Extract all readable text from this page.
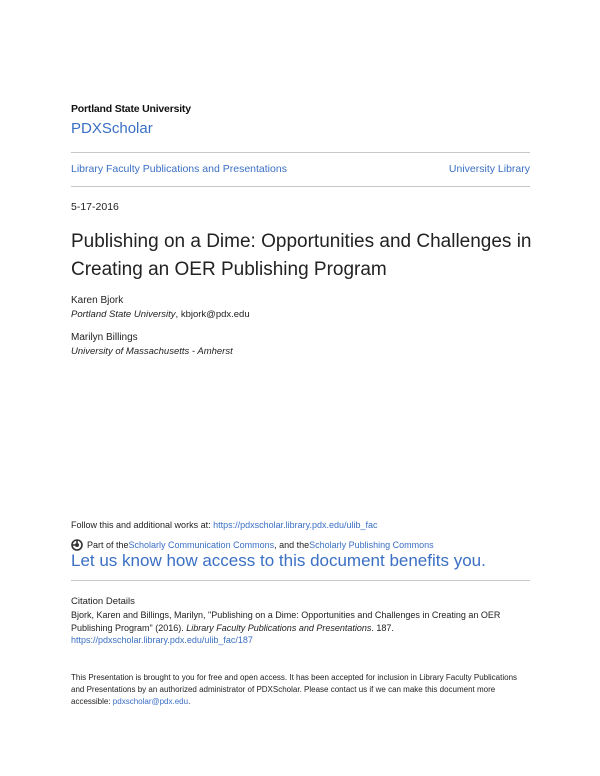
Portland State University
PDXScholar
Library Faculty Publications and Presentations	University Library
5-17-2016
Publishing on a Dime: Opportunities and Challenges in Creating an OER Publishing Program
Karen Bjork
Portland State University, kbjork@pdx.edu
Marilyn Billings
University of Massachusetts - Amherst
Follow this and additional works at: https://pdxscholar.library.pdx.edu/ulib_fac
Part of the Scholarly Communication Commons , and the Scholarly Publishing Commons
Let us know how access to this document benefits you.
Citation Details
Bjork, Karen and Billings, Marilyn, "Publishing on a Dime: Opportunities and Challenges in Creating an OER Publishing Program" (2016). Library Faculty Publications and Presentations. 187.
https://pdxscholar.library.pdx.edu/ulib_fac/187
This Presentation is brought to you for free and open access. It has been accepted for inclusion in Library Faculty Publications and Presentations by an authorized administrator of PDXScholar. Please contact us if we can make this document more accessible: pdxscholar@pdx.edu.
